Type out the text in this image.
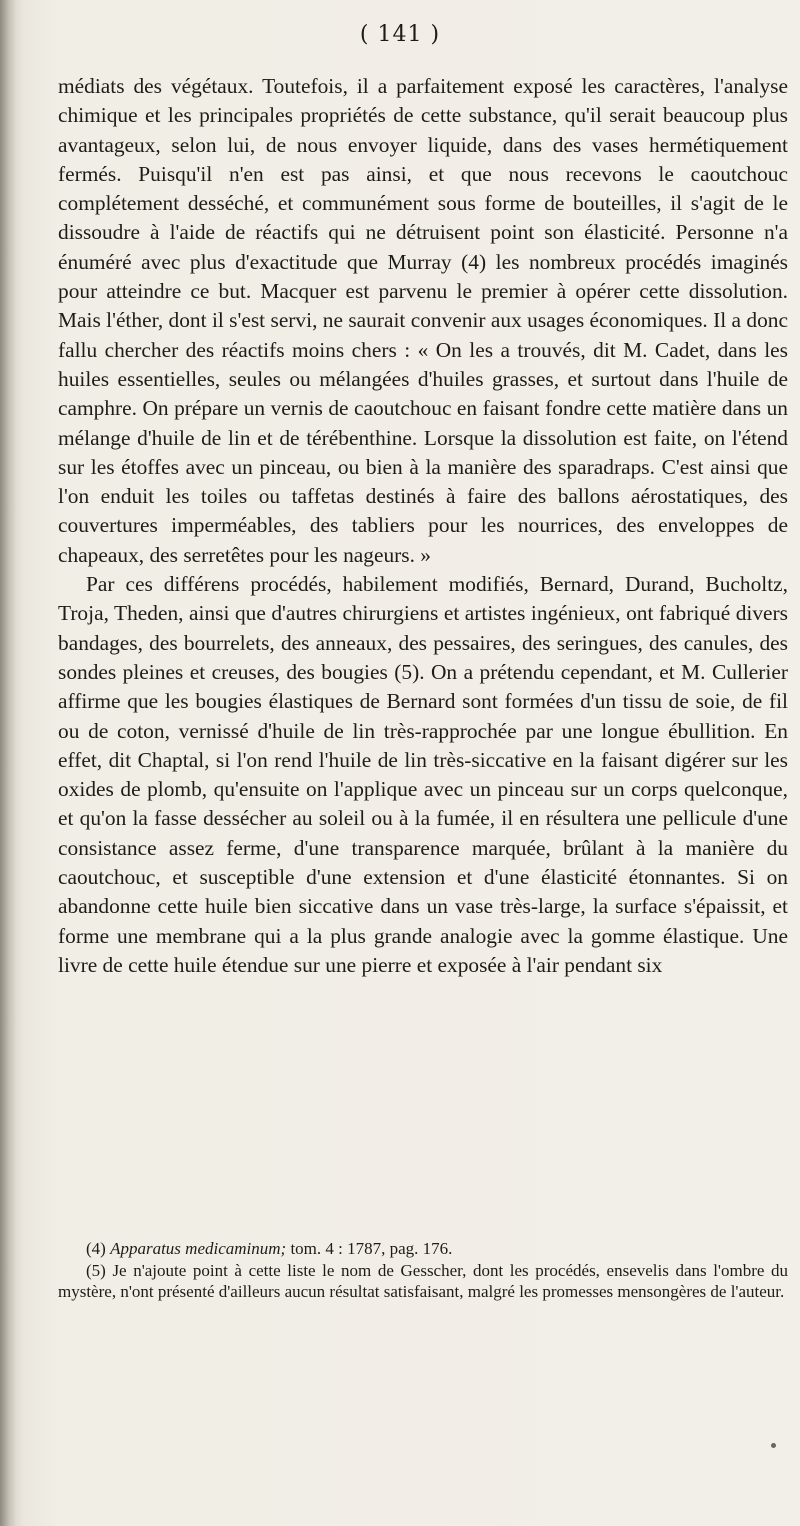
( 141 )

médiats des végétaux. Toutefois, il a parfaitement exposé les caractères, l'analyse chimique et les principales propriétés de cette substance, qu'il serait beaucoup plus avantageux, selon lui, de nous envoyer liquide, dans des vases hermétiquement fermés. Puisqu'il n'en est pas ainsi, et que nous recevons le caoutchouc complétement desséché, et communément sous forme de bouteilles, il s'agit de le dissoudre à l'aide de réactifs qui ne détruisent point son élasticité. Personne n'a énuméré avec plus d'exactitude que Murray (4) les nombreux procédés imaginés pour atteindre ce but. Macquer est parvenu le premier à opérer cette dissolution. Mais l'éther, dont il s'est servi, ne saurait convenir aux usages économiques. Il a donc fallu chercher des réactifs moins chers : « On les a trouvés, dit M. Cadet, dans les huiles essentielles, seules ou mélangées d'huiles grasses, et surtout dans l'huile de camphre. On prépare un vernis de caoutchouc en faisant fondre cette matière dans un mélange d'huile de lin et de térébenthine. Lorsque la dissolution est faite, on l'étend sur les étoffes avec un pinceau, ou bien à la manière des sparadraps. C'est ainsi que l'on enduit les toiles ou taffetas destinés à faire des ballons aérostatiques, des couvertures imperméables, des tabliers pour les nourrices, des enveloppes de chapeaux, des serretêtes pour les nageurs. »

Par ces différens procédés, habilement modifiés, Bernard, Durand, Bucholtz, Troja, Theden, ainsi que d'autres chirurgiens et artistes ingénieux, ont fabriqué divers bandages, des bourrelets, des anneaux, des pessaires, des seringues, des canules, des sondes pleines et creuses, des bougies (5). On a prétendu cependant, et M. Cullerier affirme que les bougies élastiques de Bernard sont formées d'un tissu de soie, de fil ou de coton, vernissé d'huile de lin très-rapprochée par une longue ébullition. En effet, dit Chaptal, si l'on rend l'huile de lin très-siccative en la faisant digérer sur les oxides de plomb, qu'ensuite on l'applique avec un pinceau sur un corps quelconque, et qu'on la fasse dessécher au soleil ou à la fumée, il en résultera une pellicule d'une consistance assez ferme, d'une transparence marquée, brûlant à la manière du caoutchouc, et susceptible d'une extension et d'une élasticité étonnantes. Si on abandonne cette huile bien siccative dans un vase très-large, la surface s'épaissit, et forme une membrane qui a la plus grande analogie avec la gomme élastique. Une livre de cette huile étendue sur une pierre et exposée à l'air pendant six

(4) Apparatus medicaminum; tom. 4 : 1787, pag. 176.

(5) Je n'ajoute point à cette liste le nom de Gesscher, dont les procédés, ensevelis dans l'ombre du mystère, n'ont présenté d'ailleurs aucun résultat satisfaisant, malgré les promesses mensongères de l'auteur.
